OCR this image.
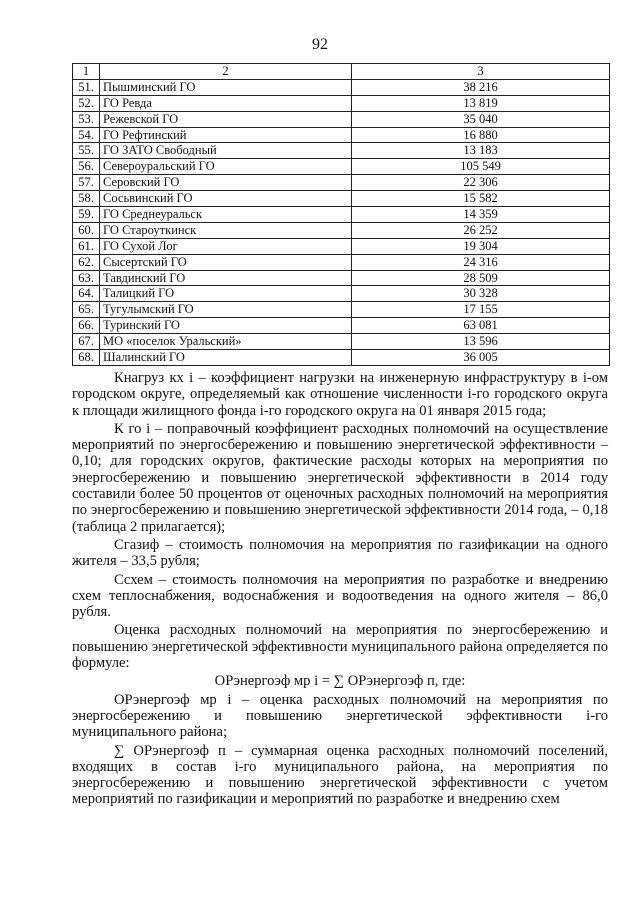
92
1	2	3
51.	Пышминский ГО	38 216
52.	ГО Ревда	13 819
53.	Режевской ГО	35 040
54.	ГО Рефтинский	16 880
55.	ГО ЗАТО Свободный	13 183
56.	Североуральский ГО	105 549
57.	Серовский ГО	22 306
58.	Сосьвинский ГО	15 582
59.	ГО Среднеуральск	14 359
60.	ГО Староуткинск	26 252
61.	ГО Сухой Лог	19 304
62.	Сысертский ГО	24 316
63.	Тавдинский ГО	28 509
64.	Талицкий ГО	30 328
65.	Тугулымский ГО	17 155
66.	Туринский ГО	63 081
67.	МО «поселок Уральский»	13 596
68.	Шалинский ГО	36 005

Кнагруз кх i – коэффициент нагрузки на инженерную инфраструктуру в i-ом городском округе, определяемый как отношение численности i-го городского округа к площади жилищного фонда i-го городского округа на 01 января 2015 года;

К го i – поправочный коэффициент расходных полномочий на осуществление мероприятий по энергосбережению и повышению энергетической эффективности – 0,10; для городских округов, фактические расходы которых на мероприятия по энергосбережению и повышению энергетической эффективности в 2014 году составили более 50 процентов от оценочных расходных полномочий на мероприятия по энергосбережению и повышению энергетической эффективности 2014 года, – 0,18 (таблица 2 прилагается);

Сгазиф – стоимость полномочия на мероприятия по газификации на одного жителя – 33,5 рубля;

Ссхем – стоимость полномочия на мероприятия по разработке и внедрению схем теплоснабжения, водоснабжения и водоотведения на одного жителя – 86,0 рубля.

Оценка расходных полномочий на мероприятия по энергосбережению и повышению энергетической эффективности муниципального района определяется по формуле:

ОРэнергоэф мр i = ∑ ОРэнергоэф п, где:

ОРэнергоэф мр i – оценка расходных полномочий на мероприятия по энергосбережению и повышению энергетической эффективности i-го муниципального района;

∑ ОРэнергоэф п – суммарная оценка расходных полномочий поселений, входящих в состав i-го муниципального района, на мероприятия по энергосбережению и повышению энергетической эффективности с учетом мероприятий по газификации и мероприятий по разработке и внедрению схем
